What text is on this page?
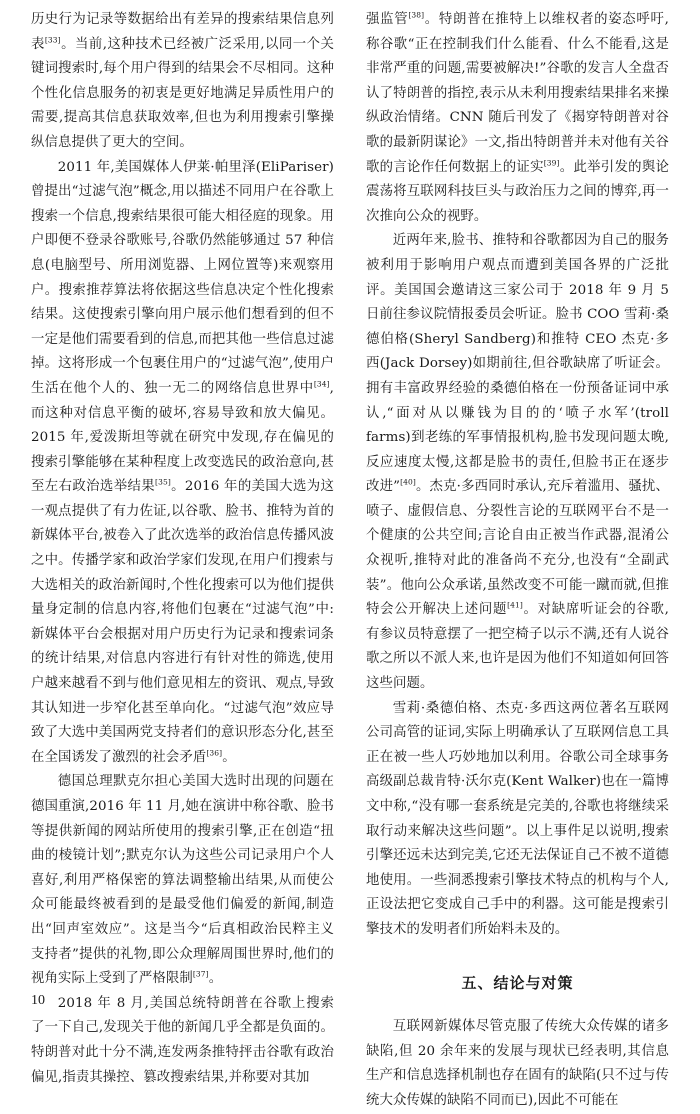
历史行为记录等数据给出有差异的搜索结果信息列表[33]。当前,这种技术已经被广泛采用,以同一个关键词搜索时,每个用户得到的结果会不尽相同。这种个性化信息服务的初衷是更好地满足异质性用户的需要,提高其信息获取效率,但也为利用搜索引擎操纵信息提供了更大的空间。

2011 年,美国媒体人伊莱·帕里泽(EliPariser)曾提出“过滤气泡”概念,用以描述不同用户在谷歌上搜索一个信息,搜索结果很可能大相径庭的现象。用户即便不登录谷歌账号,谷歌仍然能够通过 57 种信息(电脑型号、所用浏览器、上网位置等)来观察用户。搜索推荐算法将依据这些信息决定个性化搜索结果。这使搜索引擎向用户展示他们想看到的但不一定是他们需要看到的信息,而把其他一些信息过滤掉。这将形成一个包裹住用户的“过滤气泡”,使用户生活在他个人的、独一无二的网络信息世界中[34],而这种对信息平衡的破坏,容易导致和放大偏见。2015 年,爱泼斯坦等就在研究中发现,存在偏见的搜索引擎能够在某种程度上改变选民的政治意向,甚至左右政治选举结果[35]。2016 年的美国大选为这一观点提供了有力佐证,以谷歌、脸书、推特为首的新媒体平台,被卷入了此次选举的政治信息传播风波之中。传播学家和政治学家们发现,在用户们搜索与大选相关的政治新闻时,个性化搜索可以为他们提供量身定制的信息内容,将他们包裹在“过滤气泡”中:新媒体平台会根据对用户历史行为记录和搜索词条的统计结果,对信息内容进行有针对性的筛选,使用户越来越看不到与他们意见相左的资讯、观点,导致其认知进一步窄化甚至单向化。“过滤气泡”效应导致了大选中美国两党支持者们的意识形态分化,甚至在全国诱发了激烈的社会矛盾[36]。

德国总理默克尔担心美国大选时出现的问题在德国重演,2016 年 11 月,她在演讲中称谷歌、脸书等提供新闻的网站所使用的搜索引擎,正在创造“扭曲的棱镜计划”;默克尔认为这些公司记录用户个人喜好,利用严格保密的算法调整输出结果,从而使公众可能最终被看到的是最受他们偏爱的新闻,制造出“回声室效应”。这是当今“后真相政治民粹主义支持者”提供的礼物,即公众理解周围世界时,他们的视角实际上受到了严格限制[37]。

2018 年 8 月,美国总统特朗普在谷歌上搜索了一下自己,发现关于他的新闻几乎全都是负面的。特朗普对此十分不满,连发两条推特抨击谷歌有政治偏见,指责其操控、篡改搜索结果,并称要对其加

强监管[38]。特朗普在推特上以维权者的姿态呼吁,称谷歌“正在控制我们什么能看、什么不能看,这是非常严重的问题,需要被解决!”谷歌的发言人全盘否认了特朗普的指控,表示从未利用搜索结果排名来操纵政治情绪。CNN 随后刊发了《揭穿特朗普对谷歌的最新阴谋论》一文,指出特朗普并未对他有关谷歌的言论作任何数据上的证实[39]。此举引发的舆论震荡将互联网科技巨头与政治压力之间的博弈,再一次推向公众的视野。

近两年来,脸书、推特和谷歌都因为自己的服务被利用于影响用户观点而遭到美国各界的广泛批评。美国国会邀请这三家公司于 2018 年 9 月 5 日前往参议院情报委员会听证。脸书 COO 雪莉·桑德伯格(Sheryl Sandberg)和推特 CEO 杰克·多西(Jack Dorsey)如期前往,但谷歌缺席了听证会。拥有丰富政界经验的桑德伯格在一份预备证词中承认,“面对从以赚钱为目的的‘喷子水军’(troll farms)到老练的军事情报机构,脸书发现问题太晚,反应速度太慢,这都是脸书的责任,但脸书正在逐步改进”[40]。杰克·多西同时承认,充斥着滥用、骚扰、喷子、虚假信息、分裂性言论的互联网平台不是一个健康的公共空间;言论自由正被当作武器,混淆公众视听,推特对此的准备尚不充分,也没有“全副武装”。他向公众承诺,虽然改变不可能一蹴而就,但推特会公开解决上述问题[41]。对缺席听证会的谷歌,有参议员特意摆了一把空椅子以示不满,还有人说谷歌之所以不派人来,也许是因为他们不知道如何回答这些问题。

雪莉·桑德伯格、杰克·多西这两位著名互联网公司高管的证词,实际上明确承认了互联网信息工具正在被一些人巧妙地加以利用。谷歌公司全球事务高级副总裁肯特·沃尔克(Kent Walker)也在一篇博文中称,“没有哪一套系统是完美的,谷歌也将继续采取行动来解决这些问题”。以上事件足以说明,搜索引擎还远未达到完美,它还无法保证自己不被不道德地使用。一些洞悉搜索引擎技术特点的机构与个人,正设法把它变成自己手中的利器。这可能是搜索引擎技术的发明者们所始料未及的。

五、结论与对策

互联网新媒体尽管克服了传统大众传媒的诸多缺陷,但 20 余年来的发展与现状已经表明,其信息生产和信息选择机制也存在固有的缺陷(只不过与传统大众传媒的缺陷不同而已),因此不可能在

10
